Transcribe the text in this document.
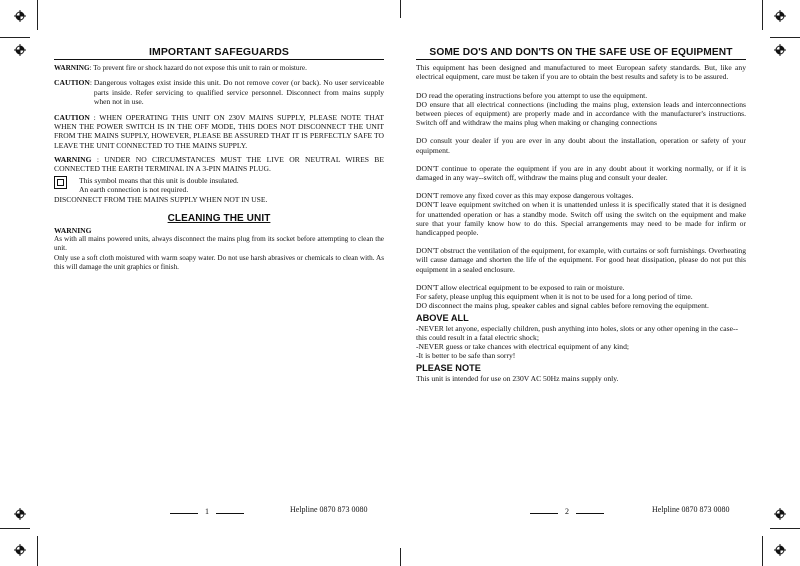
IMPORTANT SAFEGUARDS

WARNING: To prevent fire or shock hazard do not expose this unit to rain or moisture.

CAUTION : Dangerous voltages exist inside this unit. Do not remove cover (or back). No user serviceable parts inside. Refer servicing to qualified service personnel. Disconnect from mains supply when not in use.

CAUTION : WHEN OPERATING THIS UNIT ON 230V MAINS SUPPLY, PLEASE NOTE THAT WHEN THE POWER SWITCH IS IN THE OFF MODE, THIS DOES NOT DISCONNECT THE UNIT FROM THE MAINS SUPPLY, HOWEVER, PLEASE BE ASSURED THAT IT IS PERFECTLY SAFE TO LEAVE THE UNIT CONNECTED TO THE MAINS SUPPLY.

WARNING : UNDER NO CIRCUMSTANCES MUST THE LIVE OR NEUTRAL WIRES BE CONNECTED THE EARTH TERMINAL IN A 3-PIN MAINS PLUG.

This symbol means that this unit is double insulated.
An earth connection is not required.

DISCONNECT FROM THE MAINS SUPPLY WHEN NOT IN USE.

CLEANING THE UNIT

WARNING

As with all mains powered units, always disconnect the mains plug from its socket before attempting to clean the unit.

Only use a soft cloth moistured with warm soapy water. Do not use harsh abrasives or chemicals to clean with. As this will damage the unit graphics or finish.

1	Helpline 0870 873 0080
SOME DO'S AND DON'TS ON THE SAFE USE OF EQUIPMENT

This equipment has been designed and manufactured to meet European safety standards. But, like any electrical equipment, care must be taken if you are to obtain the best results and safety is to be assured.

DO read the operating instructions before you attempt to use the equipment.

DO ensure that all electrical connections (including the mains plug, extension leads and interconnections between pieces of equipment) are properly made and in accordance with the manufacturer's instructions. Switch off and withdraw the mains plug when making or changing connections

DO consult your dealer if you are ever in any doubt about the installation, operation or safety of your equipment.

DON'T continue to operate the equipment if you are in any doubt about it working normally, or if it is damaged in any way--switch off, withdraw the mains plug and consult your dealer.

DON'T remove any fixed cover as this may expose dangerous voltages.

DON'T leave equipment switched on when it is unattended unless it is specifically stated that it is designed for unattended operation or has a standby mode. Switch off using the switch on the equipment and make sure that your family know how to do this. Special arrangements may need to be made for infirm or handicapped people.

DON'T obstruct the ventilation of the equipment, for example, with curtains or soft furnishings. Overheating will cause damage and shorten the life of the equipment. For good heat dissipation, please do not put this equipment in a sealed enclosure.

DON'T allow electrical equipment to be exposed to rain or moisture.

For safety, please unplug this equipment when it is not to be used for a long period of time.

DO disconnect the mains plug, speaker cables and signal cables before removing the equipment.

ABOVE ALL

-NEVER let anyone, especially children, push anything into holes, slots or any other opening in the case--this could result in a fatal electric shock;

-NEVER guess or take chances with electrical equipment of any kind;

-It is better to be safe than sorry!

PLEASE NOTE

This unit is intended for use on 230V AC 50Hz mains supply only.

2	Helpline 0870 873 0080
